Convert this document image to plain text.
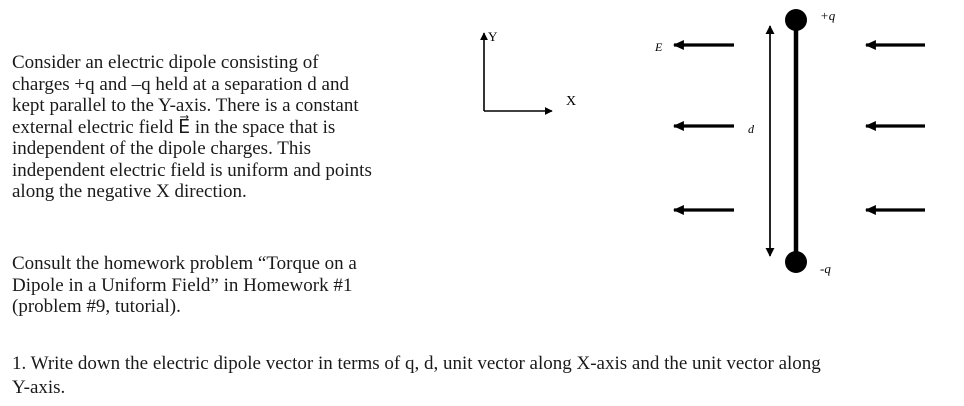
Consider an electric dipole consisting of
charges +q and –q held at a separation d and
kept parallel to the Y-axis. There is a constant
external electric field E⃗ in the space that is
independent of the dipole charges. This
independent electric field is uniform and points
along the negative X direction.
Consult the homework problem “Torque on a
Dipole in a Uniform Field” in Homework #1
(problem #9, tutorial).
1. Write down the electric dipole vector in terms of q, d, unit vector along X-axis and the unit vector along
Y-axis.
Y
X
E⃗
d
+q
-q
